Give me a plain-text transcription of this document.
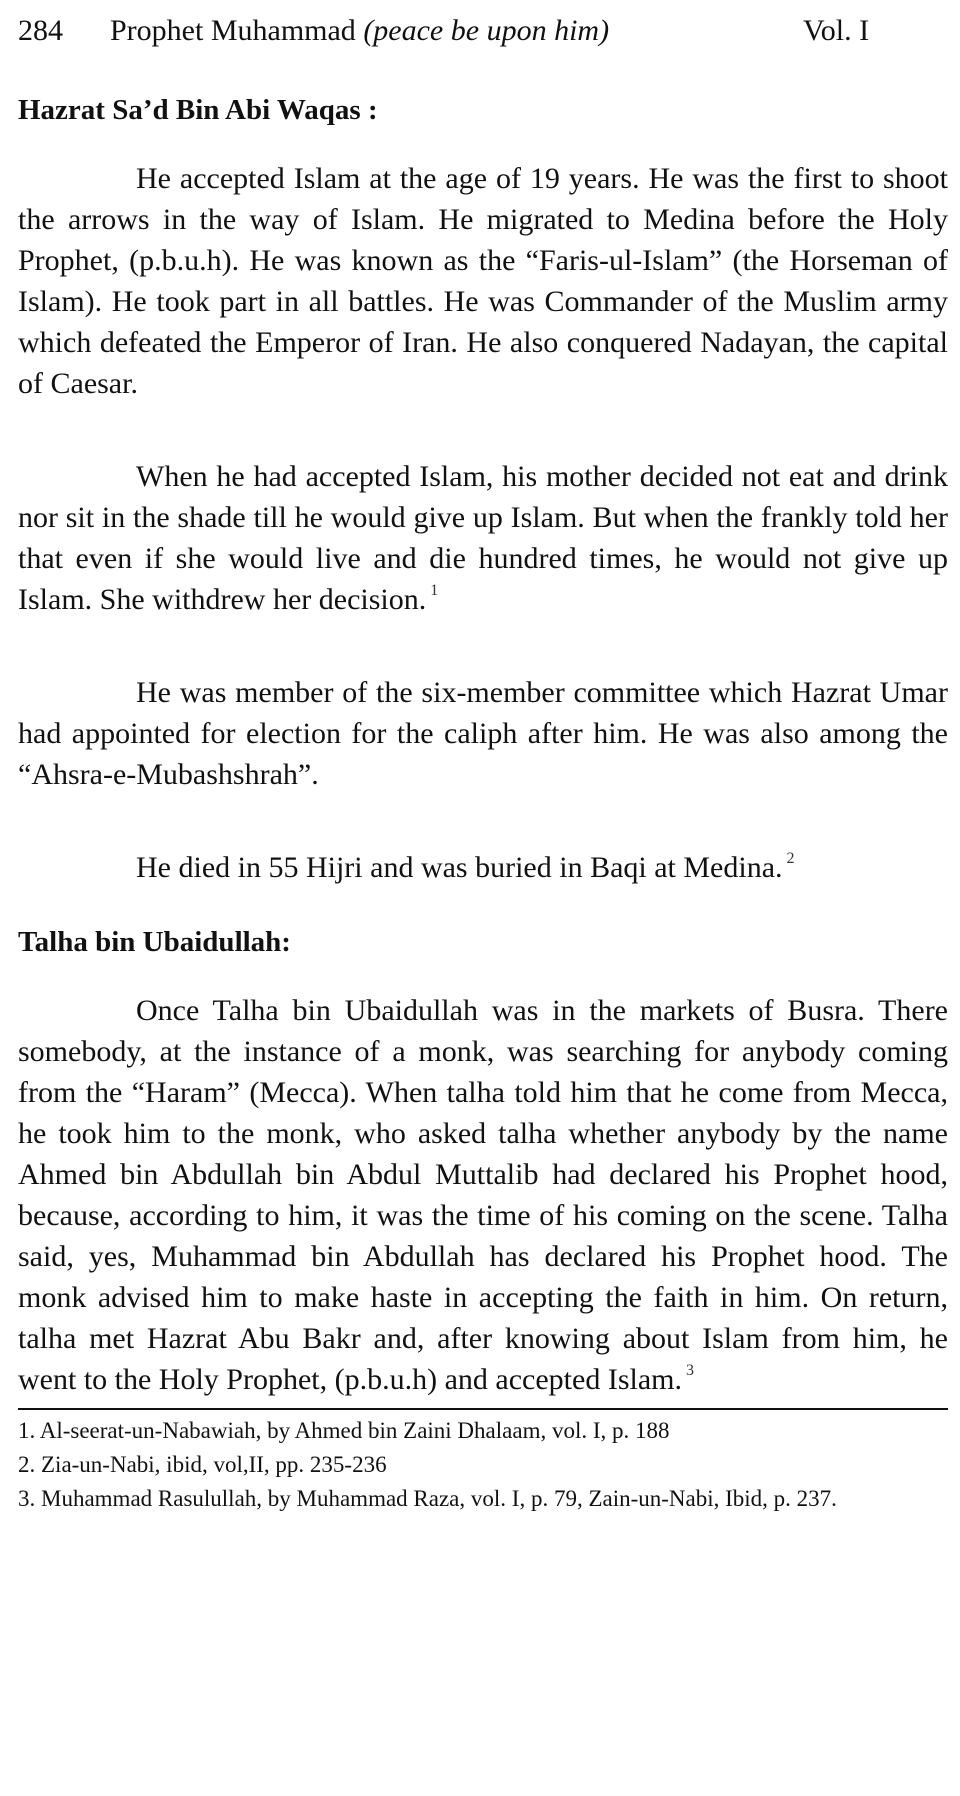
284 Prophet Muhammad (peace be upon him)	Vol. I
Hazrat Sa’d Bin Abi Waqas :

He accepted Islam at the age of 19 years. He was the first to shoot the arrows in the way of Islam. He migrated to Medina before the Holy Prophet, (p.b.u.h). He was known as the “Faris-ul-Islam” (the Horseman of Islam). He took part in all battles. He was Commander of the Muslim army which defeated the Emperor of Iran. He also conquered Nadayan, the capital of Caesar.

When he had accepted Islam, his mother decided not eat and drink nor sit in the shade till he would give up Islam. But when the frankly told her that even if she would live and die hundred times, he would not give up Islam. She withdrew her decision. $^1$

He was member of the six-member committee which Hazrat Umar had appointed for election for the caliph after him. He was also among the “Ahsra-e-Mubashshrah”.

He died in 55 Hijri and was buried in Baqi at Medina. $^2$

Talha bin Ubaidullah:

Once Talha bin Ubaidullah was in the markets of Busra. There somebody, at the instance of a monk, was searching for anybody coming from the “Haram” (Mecca). When talha told him that he come from Mecca, he took him to the monk, who asked talha whether anybody by the name Ahmed bin Abdullah bin Abdul Muttalib had declared his Prophet hood, because, according to him, it was the time of his coming on the scene. Talha said, yes, Muhammad bin Abdullah has declared his Prophet hood. The monk advised him to make haste in accepting the faith in him. On return, talha met Hazrat Abu Bakr and, after knowing about Islam from him, he went to the Holy Prophet, (p.b.u.h) and accepted Islam. $^3$

1. Al-seerat-un-Nabawiah, by Ahmed bin Zaini Dhalaam, vol. I, p. 188
2. Zia-un-Nabi, ibid, vol,II, pp. 235-236
3. Muhammad Rasulullah, by Muhammad Raza, vol. I, p. 79, Zain-un-Nabi, Ibid, p. 237.
